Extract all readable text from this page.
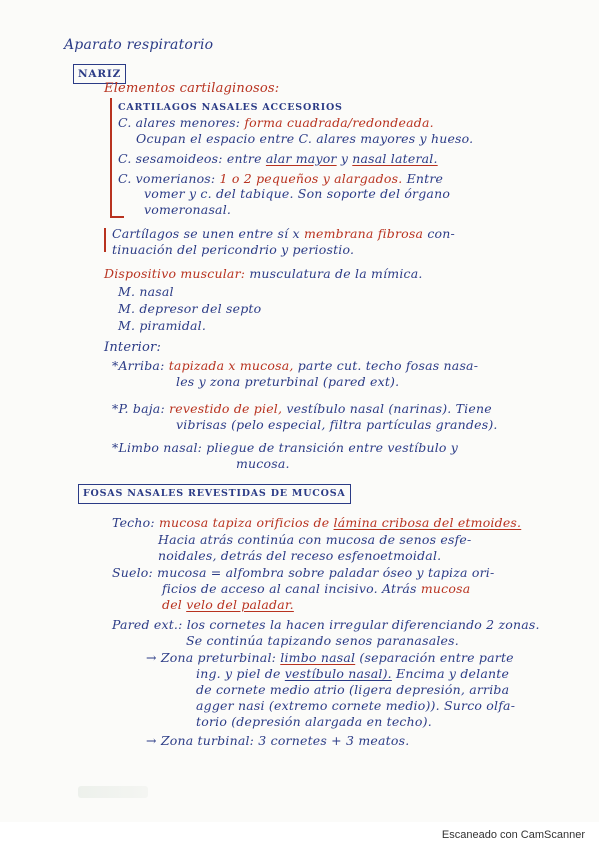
Aparato respiratorio
NARIZ
Elementos cartilaginosos:
CARTILAGOS NASALES ACCESORIOS
C. alares menores: forma cuadrada/redondeada.
Ocupan el espacio entre C. alares mayores y hueso.
C. sesamoideos: entre alar mayor y nasal lateral.
C. vomerianos: 1 o 2 pequeños y alargados. Entre
vomer y c. del tabique. Son soporte del órgano
vomeronasal.
Cartílagos se unen entre sí x membrana fibrosa con-
tinuación del pericondrio y periostio.
Dispositivo muscular: musculatura de la mímica.
M. nasal
M. depresor del septo
M. piramidal.
Interior:
*Arriba: tapizada x mucosa, parte cut. techo fosas nasa-
les y zona preturbinal (pared ext).
*P. baja: revestido de piel, vestíbulo nasal (narinas). Tiene
vibrisas (pelo especial, filtra partículas grandes).
*Limbo nasal: pliegue de transición entre vestíbulo y
mucosa.
FOSAS NASALES REVESTIDAS DE MUCOSA
Techo: mucosa tapiza orificios de lámina cribosa del etmoides.
Hacia atrás continúa con mucosa de senos esfe-
noidales, detrás del receso esfenoetmoidal.
Suelo: mucosa = alfombra sobre paladar óseo y tapiza ori-
ficios de acceso al canal incisivo. Atrás mucosa
del velo del paladar.
Pared ext.: los cornetes la hacen irregular diferenciando 2 zonas.
Se continúa tapizando senos paranasales.
→ Zona preturbinal: limbo nasal (separación entre parte
ing. y piel de vestíbulo nasal). Encima y delante
de cornete medio atrio (ligera depresión, arriba
agger nasi (extremo cornete medio)). Surco olfa-
torio (depresión alargada en techo).
→ Zona turbinal: 3 cornetes + 3 meatos.
Escaneado con CamScanner
